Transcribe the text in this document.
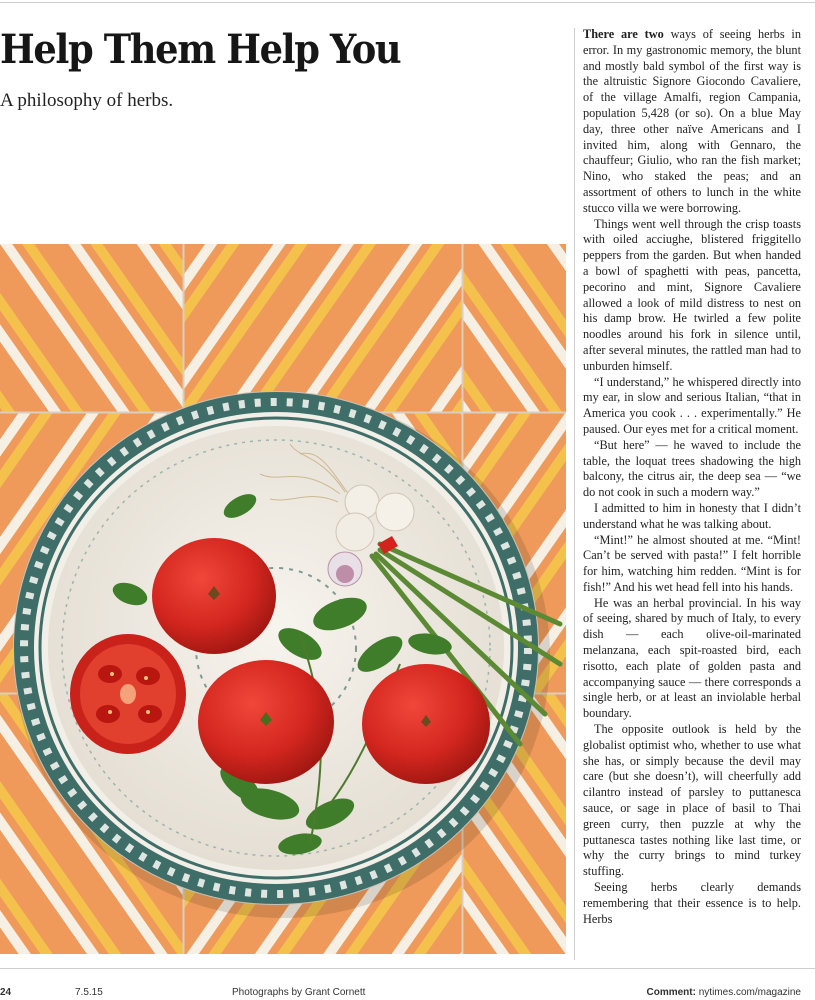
Help Them Help You

A philosophy of herbs.

There are two ways of seeing herbs in error. In my gastronomic memory, the blunt and mostly bald symbol of the first way is the altruistic Signore Giocondo Cavaliere, of the village Amalfi, region Campania, population 5,428 (or so). On a blue May day, three other naïve Americans and I invited him, along with Gennaro, the chauffeur; Giulio, who ran the fish market; Nino, who staked the peas; and an assortment of others to lunch in the white stucco villa we were borrowing.

Things went well through the crisp toasts with oiled acciughe, blistered friggitello peppers from the garden. But when handed a bowl of spaghetti with peas, pancetta, pecorino and mint, Signore Cavaliere allowed a look of mild distress to nest on his damp brow. He twirled a few polite noodles around his fork in silence until, after several minutes, the rattled man had to unburden himself.

“I understand,” he whispered directly into my ear, in slow and serious Italian, “that in America you cook . . . experimentally.” He paused. Our eyes met for a critical moment.

“But here” — he waved to include the table, the loquat trees shadowing the high balcony, the citrus air, the deep sea — “we do not cook in such a modern way.”

I admitted to him in honesty that I didn’t understand what he was talking about.

“Mint!” he almost shouted at me. “Mint! Can’t be served with pasta!” I felt horrible for him, watching him redden. “Mint is for fish!” And his wet head fell into his hands.

He was an herbal provincial. In his way of seeing, shared by much of Italy, to every dish — each olive-oil-marinated melanzana, each spit-roasted bird, each risotto, each plate of golden pasta and accompanying sauce — there corresponds a single herb, or at least an inviolable herbal boundary.

The opposite outlook is held by the globalist optimist who, whether to use what she has, or simply because the devil may care (but she doesn’t), will cheerfully add cilantro instead of parsley to puttanesca sauce, or sage in place of basil to Thai green curry, then puzzle at why the puttanesca tastes nothing like last time, or why the curry brings to mind turkey stuffing.

Seeing herbs clearly demands remembering that their essence is to help. Herbs

24	7.5.15	Photographs by Grant Cornett	Comment: nytimes.com/magazine
